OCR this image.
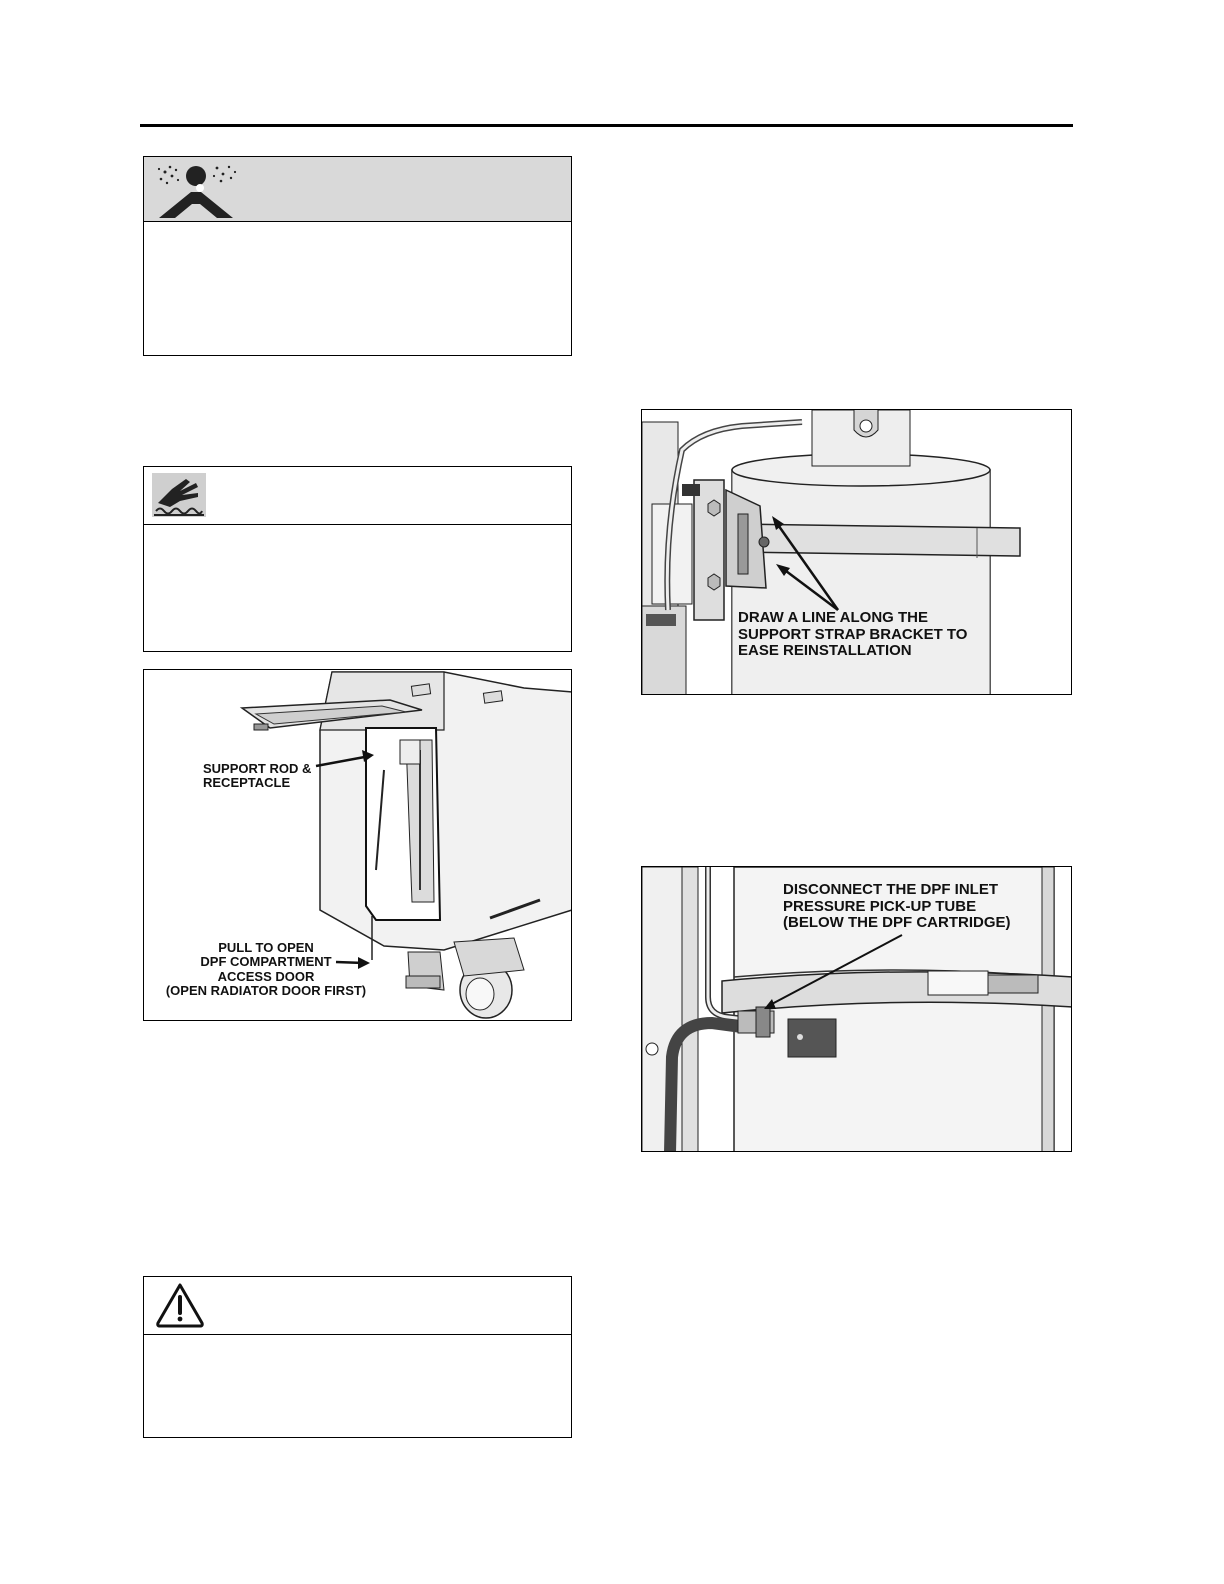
SUPPORT ROD &
RECEPTACLE
PULL TO OPEN
DPF COMPARTMENT
ACCESS DOOR
(OPEN RADIATOR DOOR FIRST)
DRAW A LINE ALONG THE
SUPPORT STRAP BRACKET TO
EASE REINSTALLATION
DISCONNECT THE DPF INLET
PRESSURE PICK-UP TUBE
(BELOW THE DPF CARTRIDGE)
